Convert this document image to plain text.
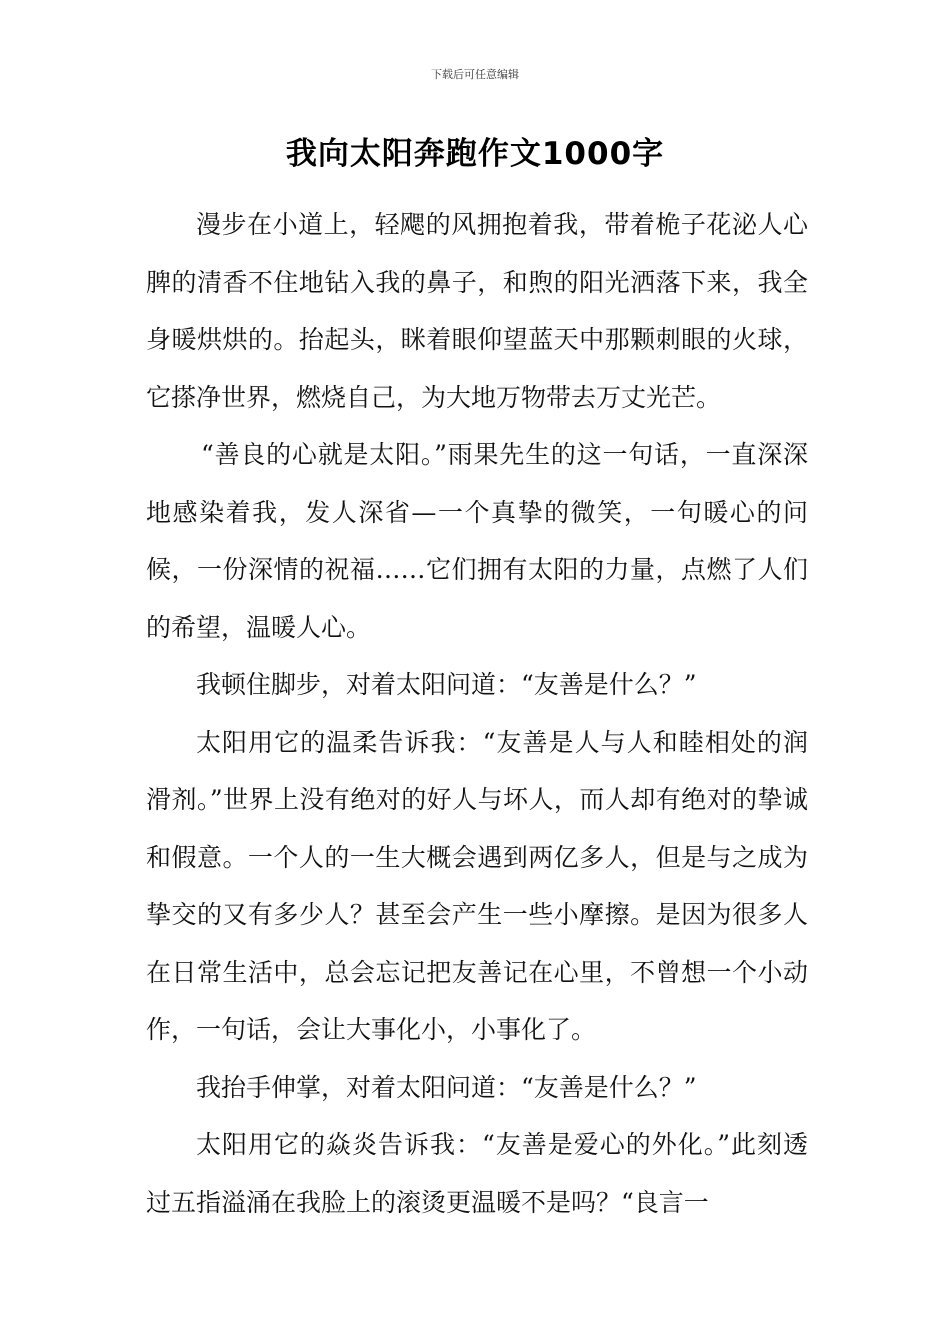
下载后可任意编辑
我向太阳奔跑作文1000字

漫步在小道上，轻飔的风拥抱着我，带着桅子花泌人心脾的清香不住地钻入我的鼻子，和煦的阳光洒落下来，我全身暖烘烘的。抬起头，眯着眼仰望蓝天中那颗刺眼的火球，它搽净世界，燃烧自己，为大地万物带去万丈光芒。

“善良的心就是太阳。”雨果先生的这一句话，一直深深地感染着我，发人深省—一个真挚的微笑，一句暖心的问候，一份深情的祝福……它们拥有太阳的力量，点燃了人们的希望，温暖人心。

我顿住脚步，对着太阳问道：“友善是什么？”

太阳用它的温柔告诉我：“友善是人与人和睦相处的润滑剂。”世界上没有绝对的好人与坏人，而人却有绝对的挚诚和假意。一个人的一生大概会遇到两亿多人，但是与之成为挚交的又有多少人？甚至会产生一些小摩擦。是因为很多人在日常生活中，总会忘记把友善记在心里，不曾想一个小动作，一句话，会让大事化小，小事化了。

我抬手伸掌，对着太阳问道：“友善是什么？”

太阳用它的焱炎告诉我：“友善是爱心的外化。”此刻透过五指溢涌在我脸上的滚烫更温暖不是吗？“良言一
